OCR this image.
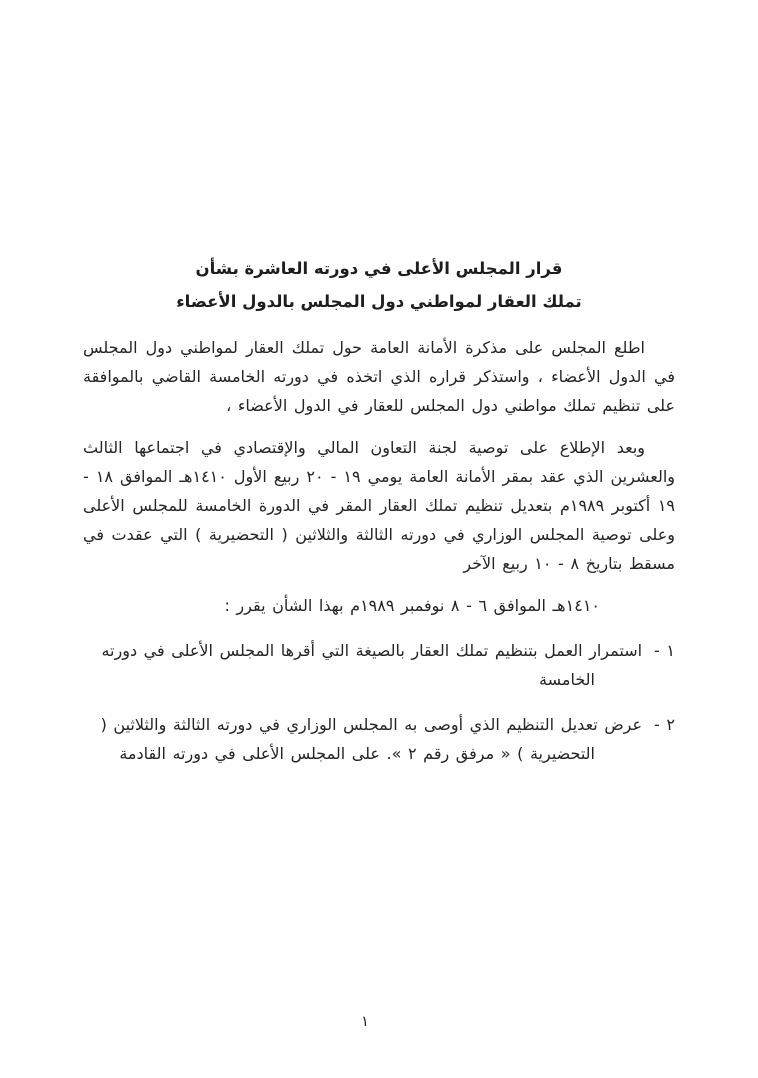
قرار المجلس الأعلى في دورته العاشرة بشأن
تملك العقار لمواطني دول المجلس بالدول الأعضاء

اطلع المجلس على مذكرة الأمانة العامة حول تملك العقار لمواطني دول المجلس في الدول الأعضاء ، واستذكر قراره الذي اتخذه في دورته الخامسة القاضي بالموافقة على تنظيم تملك مواطني دول المجلس للعقار في الدول الأعضاء ،

وبعد الإطلاع على توصية لجنة التعاون المالي والإقتصادي في اجتماعها الثالث والعشرين الذي عقد بمقر الأمانة العامة يومي ١٩ - ٢٠ ربيع الأول ١٤١٠هـ الموافق ١٨ - ١٩ أكتوبر ١٩٨٩م بتعديل تنظيم تملك العقار المقر في الدورة الخامسة للمجلس الأعلى وعلى توصية المجلس الوزاري في دورته الثالثة والثلاثين ( التحضيرية ) التي عقدت في مسقط بتاريخ ٨ - ١٠ ربيع الآخر

١٤١٠هـ الموافق ٦ - ٨ نوفمبر ١٩٨٩م بهذا الشأن يقرر :

١ -استمرار العمل بتنظيم تملك العقار بالصيغة التي أقرها المجلس الأعلى في دورته الخامسة

٢ -عرض تعديل التنظيم الذي أوصى به المجلس الوزاري في دورته الثالثة والثلاثين ( التحضيرية ) « مرفق رقم ٢ ». على المجلس الأعلى في دورته القادمة

١
